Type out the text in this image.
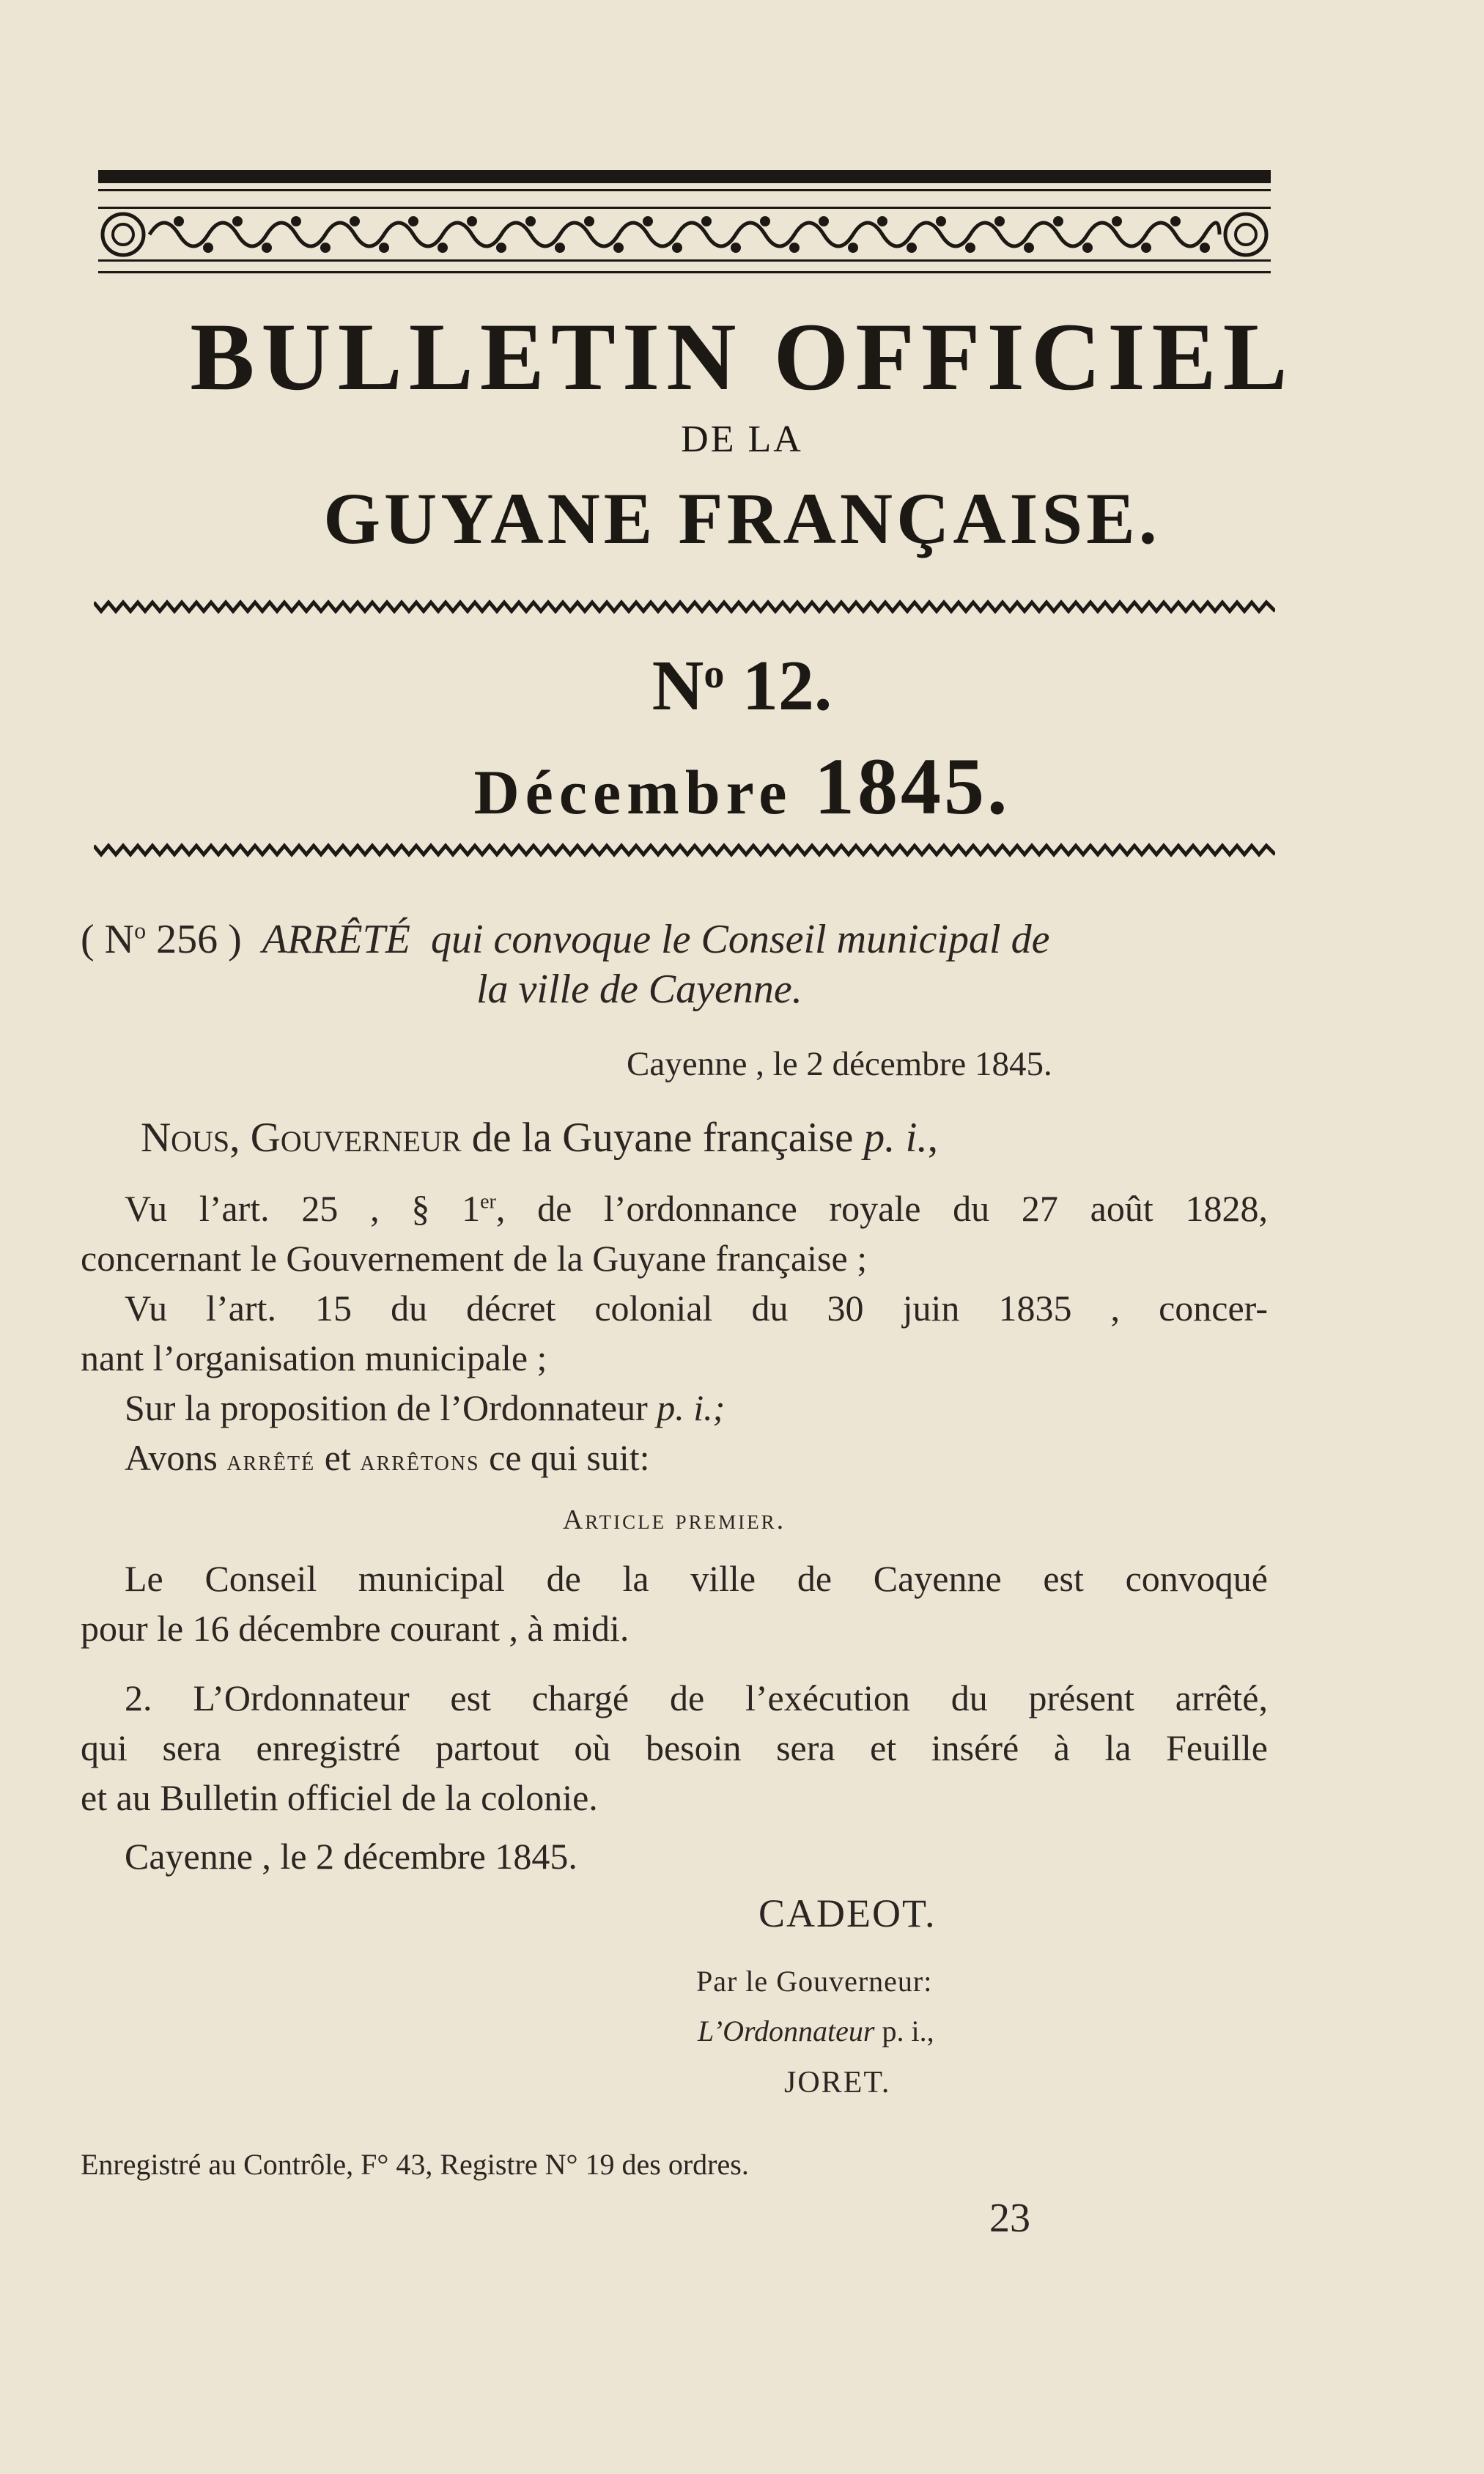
BULLETIN OFFICIEL
DE LA
GUYANE FRANÇAISE.
$N^o$ 12.
Décembre 1845.
( $N^o$ 256 ) ARRÊTÉ qui convoque le Conseil municipal de
la ville de Cayenne.
Cayenne , le 2 décembre 1845.
Nous, Gouverneur de la Guyane française p. i.,
Vu l’art. 25 , § 1er, de l’ordonnance royale du 27 août 1828,
concernant le Gouvernement de la Guyane française ;
Vu l’art. 15 du décret colonial du 30 juin 1835 , concer-
nant l’organisation municipale ;
Sur la proposition de l’Ordonnateur p. i.;
Avons arrêté et arrêtons ce qui suit:
Article premier.
Le Conseil municipal de la ville de Cayenne est convoqué
pour le 16 décembre courant , à midi.
2. L’Ordonnateur est chargé de l’exécution du présent arrêté,
qui sera enregistré partout où besoin sera et inséré à la Feuille
et au Bulletin officiel de la colonie.
Cayenne , le 2 décembre 1845.
CADEOT.
Par le Gouverneur:
L’Ordonnateur p. i.,
JORET.
Enregistré au Contrôle, F° 43, Registre N° 19 des ordres.
23
